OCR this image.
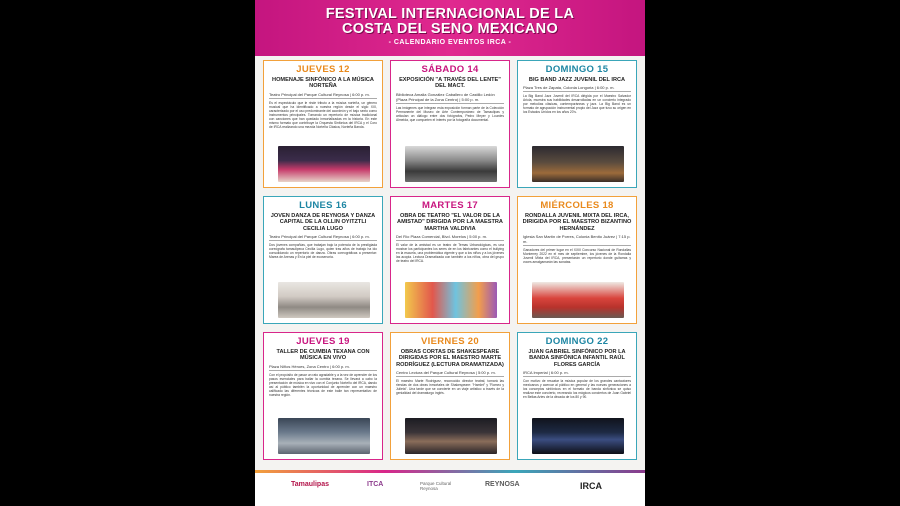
FESTIVAL INTERNACIONAL DE LA
COSTA DEL SENO MEXICANO
- CALENDARIO EVENTOS IRCA -
JUEVES 12
HOMENAJE SINFÓNICO A LA MÚSICA NORTEÑA
Teatro Principal del Parque Cultural Reynosa | 6:00 p. m.
Es el espectáculo que le rinde tributo a la música norteña, un género musical que ha identificado a nuestra región desde el siglo XIX, caracterizado por el uso predominante del acordeón y el bajo sexto como instrumentos principales. Tomando un repertorio de música tradicional con canciones que han quedado inmortalizadas en la historia. En este mismo formato que contribuye la Orquesta Sinfónica del IRCA y el Coro de IRCA realizando una mezcla Norteña Clásica, Norteña Banda.
SÁBADO 14
EXPOSICIÓN "A TRAVÉS DEL LENTE" DEL MACT.
Biblioteca Amalia González Caballero de Castillo Ledón (Plaza Principal de la Zona Centro) | 5:00 p. m.
Las imágenes que integran esta exposición forman parte de la Colección Permanente del Museo de Arte Contemporáneo de Tamaulipas y articulan un diálogo entre dos fotógrafos, Pedro Meyer y Lourdes Almeida, que comparten el interés por la fotografía documental.
DOMINGO 15
BIG BAND JAZZ JUVENIL DEL IRCA
Plaza Tres de Zapata, Colonia Longoria | 6:00 p. m.
La Big Band Jazz Juvenil del IRCA dirigida por el Maestro Salvador Ariola, muestra sus habilidades desarrolladas en un concierto integrado por melodías clásicas, contemporáneas y jazz. La Big Band es un formato de agrupación instrumental propio del Jazz que tuvo su origen en los Estados Unidos en los años 20's.
LUNES 16
JOVEN DANZA DE REYNOSA Y DANZA CAPITAL DE LA OLLIN OYITZTLI CECILIA LUGO
Teatro Principal del Parque Cultural Reynosa | 6:00 p. m.
Dos jóvenes compañías, que trabajan bajo la potencia de la prestigiada coreógrafa tamaulipeca Cecilia Lugo, quien tras años de trabajo ha ido consolidando un repertorio de danza. Obras coreográficas a presentar: Marea de Arenas y En la piel de ecosenoria.
MARTES 17
OBRA DE TEATRO "EL VALOR DE LA AMISTAD" DIRIGIDA POR LA MAESTRA MARTHA VALDIVIA
Del Río Plaza Comercial, Blvd. Morelos | 5:00 p. m.
El valor de la amistad es un teatro de Temas Urbanológicas, es una mostrar los participantes los seres de en los fabricantes como el bullying en la escuela, una problemática vigente y que a los niños y a los jóvenes las acopia. Lectura Dramatizada con también a los niños, obra del grupo de teatro del IRCA.
MIÉRCOLES 18
RONDALLA JUVENIL MIXTA DEL IRCA, DIRIGIDA POR EL MAESTRO BIZANTINO HERNÁNDEZ
Iglesia San Martín de Porres, Colonia Benito Juárez | 7:15 p. m.
Ganadores del primer lugar en el XXIII Concurso Nacional de Rondallas Monterrey 2022 en el mes de septiembre, los jóvenes de la Rondalla Juvenil Mixta del IRCA, presentarán un repertorio donde guitarras y voces amalgamarán las sonatas.
JUEVES 19
TALLER DE CUMBIA TEXANA CON MÚSICA EN VIVO
Plaza Niños Héroes, Zona Centro | 6:00 p. m.
Con el propósito de pasar un rato agradable y a la vez de aprender de los pasos esenciales para bailar la cumbia texana. Se llevará a cabo la presentación de música en vivo con el Conjunto Norteño del IRCA, dando así al público también la oportunidad de aprender con un maestro calificado las diferentes técnicas de este baile tan representativo de nuestra región.
VIERNES 20
OBRAS CORTAS DE SHAKESPEARE DIRIGIDAS POR EL MAESTRO MARTE RODRÍGUEZ (LECTURA DRAMATIZADA)
Centro Lectura del Parque Cultural Reynosa | 5:00 p. m.
El maestro Marte Rodríguez, reconocido director teatral, tomará las riendas de dos obras inmortales de Shakespeare: "Hamlet" y "Romeo y Julieta". Una tarde que se convierte en un viaje artístico a través de la genialidad del dramaturgo inglés.
DOMINGO 22
JUAN GABRIEL SINFÓNICO POR LA BANDA SINFÓNICA INFANTIL RAÚL FLORES GARCÍA
IRCA Imperial | 6:00 p. m.
Con motivo de rescatar la música popular de los grandes cantautores mexicanos y acercar al público en general y las nuevas generaciones a los conceptos sinfónicos en el formato de banda sinfónica se quiso realizar este concierto, recreando los mágicos conciertos de Juan Gabriel en Bellas Artes de la década de los 80 y 90.
Tamaulipas	ITCA	Parque Cultural Reynosa
REYNOSA	IRCA
